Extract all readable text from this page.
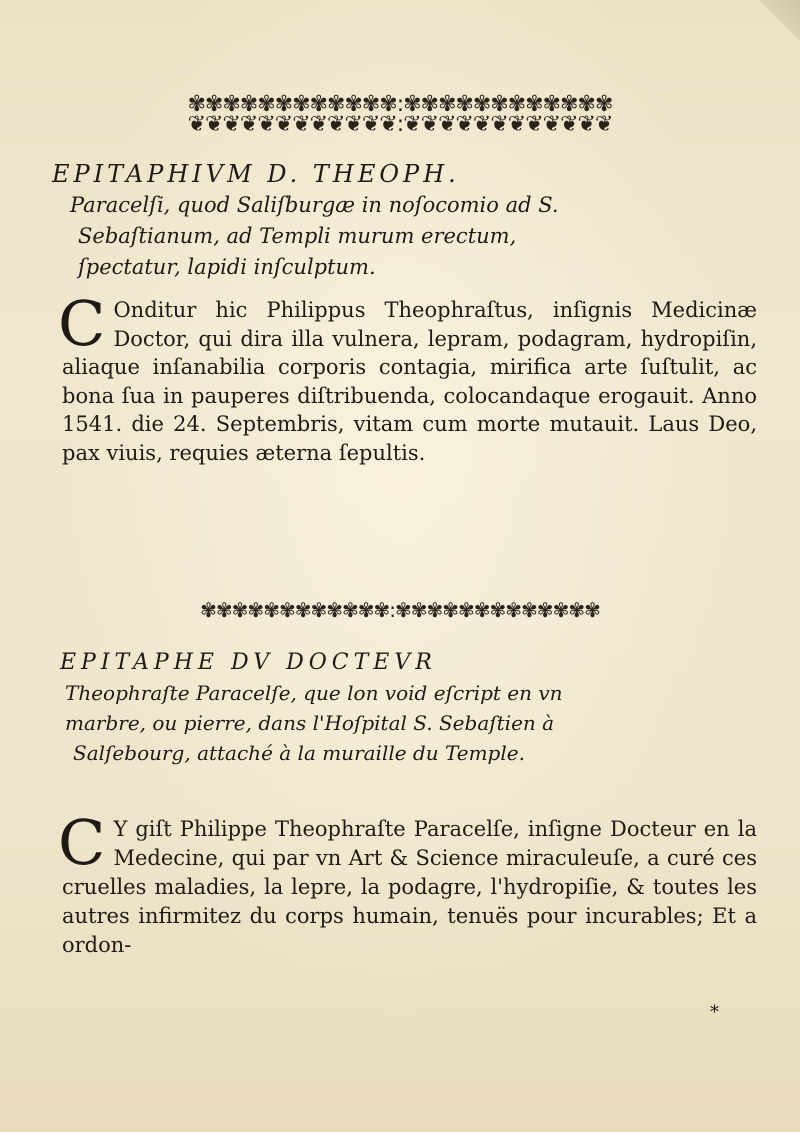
✾✾✾✾✾✾✾✾✾✾✾✾:✾✾✾✾✾✾✾✾✾✾✾✾
❦❦❦❦❦❦❦❦❦❦❦❦:❦❦❦❦❦❦❦❦❦❦❦❦
EPITAPHIVM D. THEOPH.
Paracelſi, quod Saliſburgæ in noſocomio ad S.
Sebaſtianum, ad Templi murum erectum,
ſpectatur, lapidi inſculptum.

C Onditur hic Philippus Theophraſtus, inſignis Medicinæ Doctor, qui dira illa vulnera, lepram, podagram, hydropiſin, aliaque inſanabilia corporis contagia, mirifica arte ſuſtulit, ac bona ſua in pauperes diſtribuenda, colocandaque erogauit. Anno 1541. die 24. Septembris, vitam cum morte mutauit. Laus Deo, pax viuis, requies æterna ſepultis.

✾✾✾✾✾✾✾✾✾✾✾✾:✾✾✾✾✾✾✾✾✾✾✾✾✾
EPITAPHE DV DOCTEVR
Theophraſte Paracelſe, que lon void eſcript en vn
marbre, ou pierre, dans l'Hoſpital S. Sebaſtien à
Salſebourg, attaché à la muraille du Temple.

C Y giſt Philippe Theophraſte Paracelſe, inſigne Docteur en la Medecine, qui par vn Art & Science miraculeuſe, a curé ces cruelles maladies, la lepre, la podagre, l'hydropiſie, & toutes les autres infirmitez du corps humain, tenuës pour incurables; Et a ordon-

*
